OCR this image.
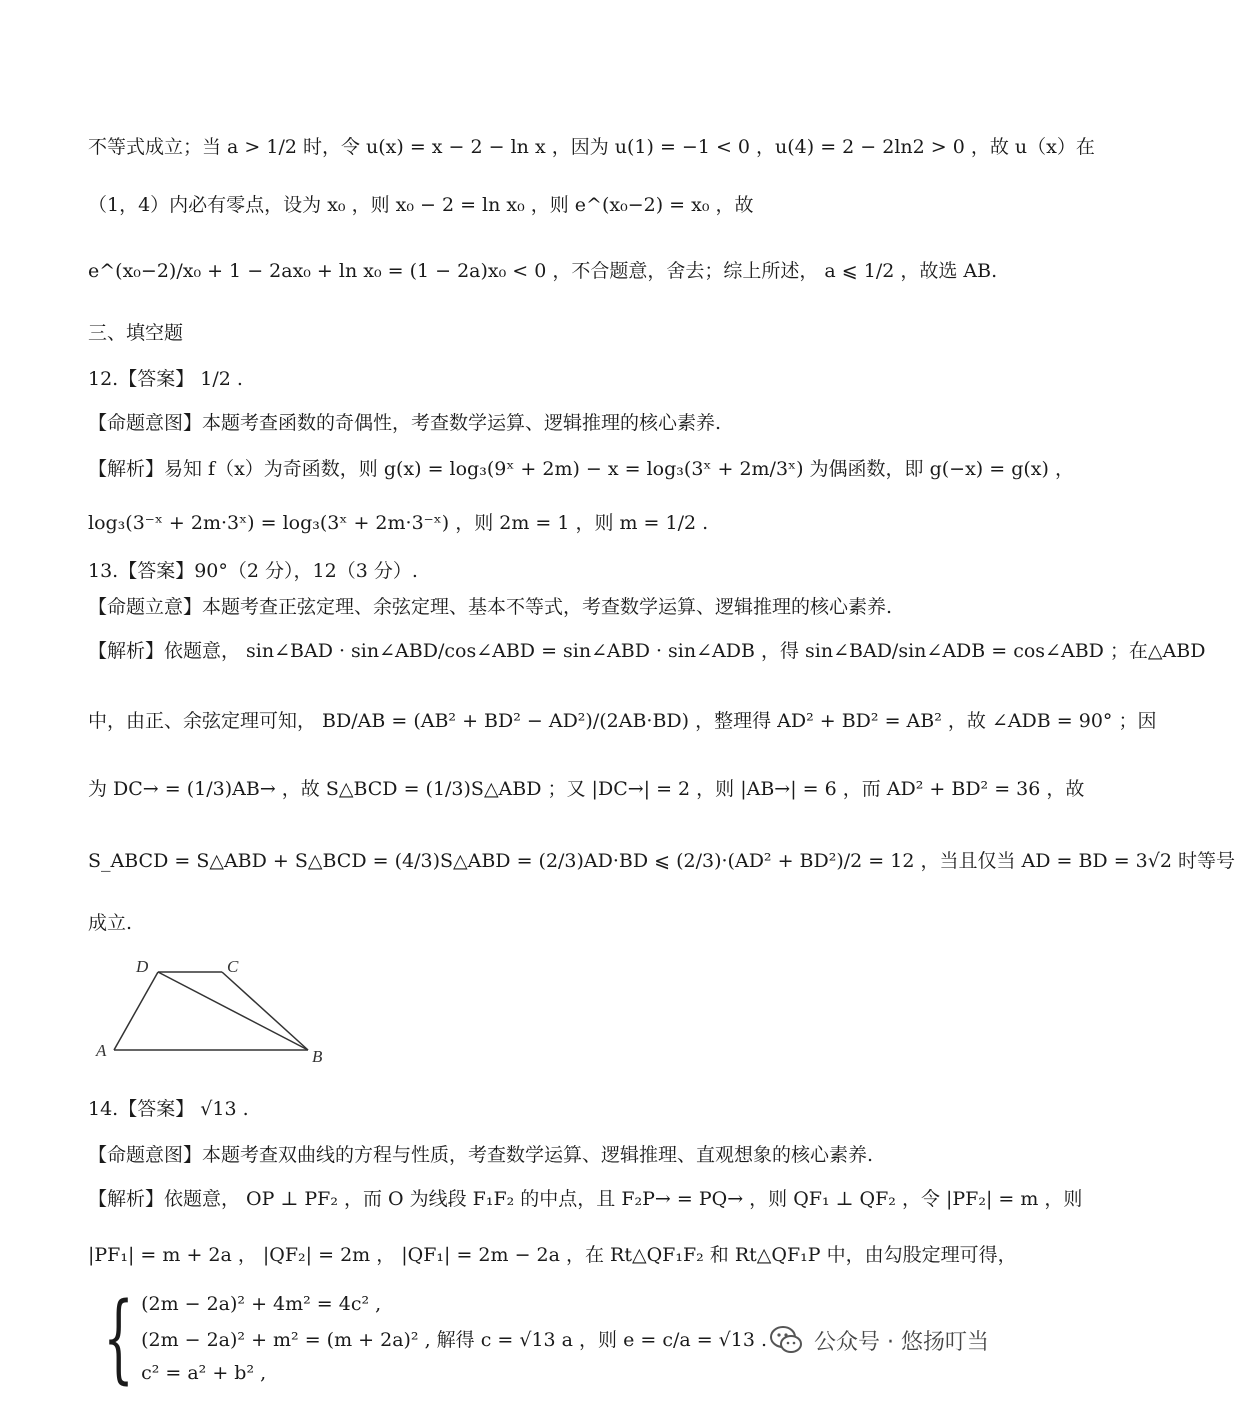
不等式成立；当 a > 1/2 时，令 u(x) = x − 2 − ln x ，因为 u(1) = −1 < 0 ，u(4) = 2 − 2ln2 > 0 ，故 u（x）在
（1，4）内必有零点，设为 x₀ ，则 x₀ − 2 = ln x₀ ，则 e^(x₀−2) = x₀ ，故
e^(x₀−2)/x₀ + 1 − 2ax₀ + ln x₀ = (1 − 2a)x₀ < 0 ，不合题意，舍去；综上所述， a ⩽ 1/2 ，故选 AB.
三、填空题
12.【答案】 1/2 .
【命题意图】本题考查函数的奇偶性，考查数学运算、逻辑推理的核心素养.
【解析】易知 f（x）为奇函数，则 g(x) = log₃(9ˣ + 2m) − x = log₃(3ˣ + 2m/3ˣ) 为偶函数，即 g(−x) = g(x) ，
log₃(3⁻ˣ + 2m·3ˣ) = log₃(3ˣ + 2m·3⁻ˣ) ，则 2m = 1 ，则 m = 1/2 .
13.【答案】90°（2 分），12（3 分）.
【命题立意】本题考查正弦定理、余弦定理、基本不等式，考查数学运算、逻辑推理的核心素养.
【解析】依题意， sin∠BAD · sin∠ABD/cos∠ABD = sin∠ABD · sin∠ADB ，得 sin∠BAD/sin∠ADB = cos∠ABD ；在△ABD
中，由正、余弦定理可知， BD/AB = (AB² + BD² − AD²)/(2AB·BD) ，整理得 AD² + BD² = AB² ，故 ∠ADB = 90° ；因
为 DC→ = (1/3)AB→ ，故 S△BCD = (1/3)S△ABD ；又 |DC→| = 2 ，则 |AB→| = 6 ，而 AD² + BD² = 36 ，故
S_ABCD = S△ABD + S△BCD = (4/3)S△ABD = (2/3)AD·BD ⩽ (2/3)·(AD² + BD²)/2 = 12 ，当且仅当 AD = BD = 3√2 时等号
成立.
D	C
A	B
14.【答案】 √13 .
【命题意图】本题考查双曲线的方程与性质，考查数学运算、逻辑推理、直观想象的核心素养.
【解析】依题意， OP ⊥ PF₂ ，而 O 为线段 F₁F₂ 的中点，且 F₂P→ = PQ→ ，则 QF₁ ⊥ QF₂ ，令 |PF₂| = m ，则
|PF₁| = m + 2a ， |QF₂| = 2m ， |QF₁| = 2m − 2a ，在 Rt△QF₁F₂ 和 Rt△QF₁P 中，由勾股定理可得，
{ (2m − 2a)² + 4m² = 4c² ,
(2m − 2a)² + m² = (m + 2a)² , 解得 c = √13 a ，则 e = c/a = √13 .
c² = a² + b² ,
公众号 · 悠扬叮当
